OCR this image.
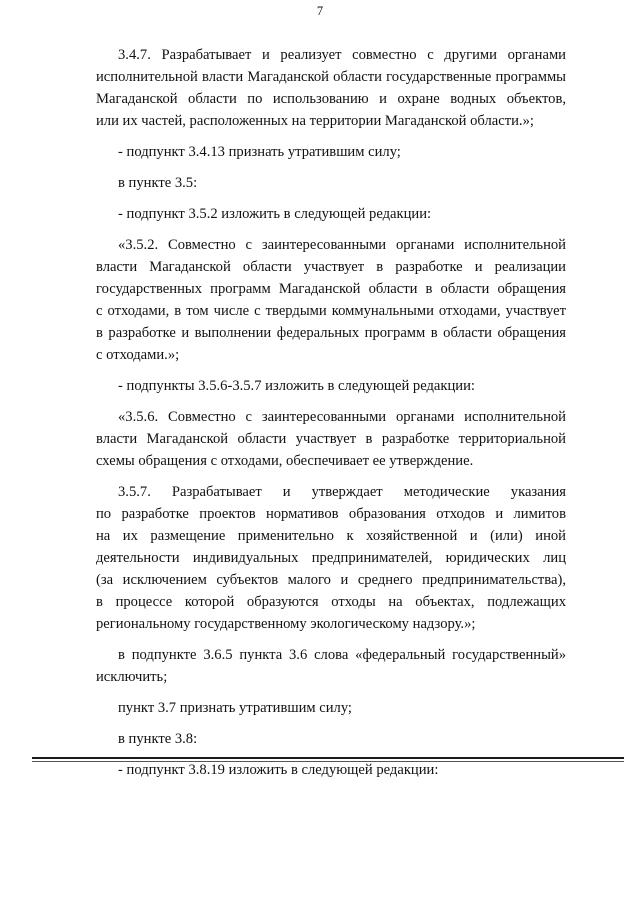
7
3.4.7. Разрабатывает и реализует совместно с другими органами
исполнительной власти Магаданской области государственные программы
Магаданской области по использованию и охране водных объектов,
или их частей, расположенных на территории Магаданской области.»;
- подпункт 3.4.13 признать утратившим силу;
в пункте 3.5:
- подпункт 3.5.2 изложить в следующей редакции:
«3.5.2. Совместно с заинтересованными органами исполнительной
власти Магаданской области участвует в разработке и реализации
государственных программ Магаданской области в области обращения
с отходами, в том числе с твердыми коммунальными отходами, участвует
в разработке и выполнении федеральных программ в области обращения
с отходами.»;
- подпункты 3.5.6-3.5.7 изложить в следующей редакции:
«3.5.6. Совместно с заинтересованными органами исполнительной
власти Магаданской области участвует в разработке территориальной
схемы обращения с отходами, обеспечивает ее утверждение.
3.5.7. Разрабатывает и утверждает методические указания
по разработке проектов нормативов образования отходов и лимитов
на их размещение применительно к хозяйственной и (или) иной
деятельности индивидуальных предпринимателей, юридических лиц
(за исключением субъектов малого и среднего предпринимательства),
в процессе которой образуются отходы на объектах, подлежащих
региональному государственному экологическому надзору.»;
в подпункте 3.6.5 пункта 3.6 слова «федеральный государственный»
исключить;
пункт 3.7 признать утратившим силу;
в пункте 3.8:
- подпункт 3.8.19 изложить в следующей редакции:
